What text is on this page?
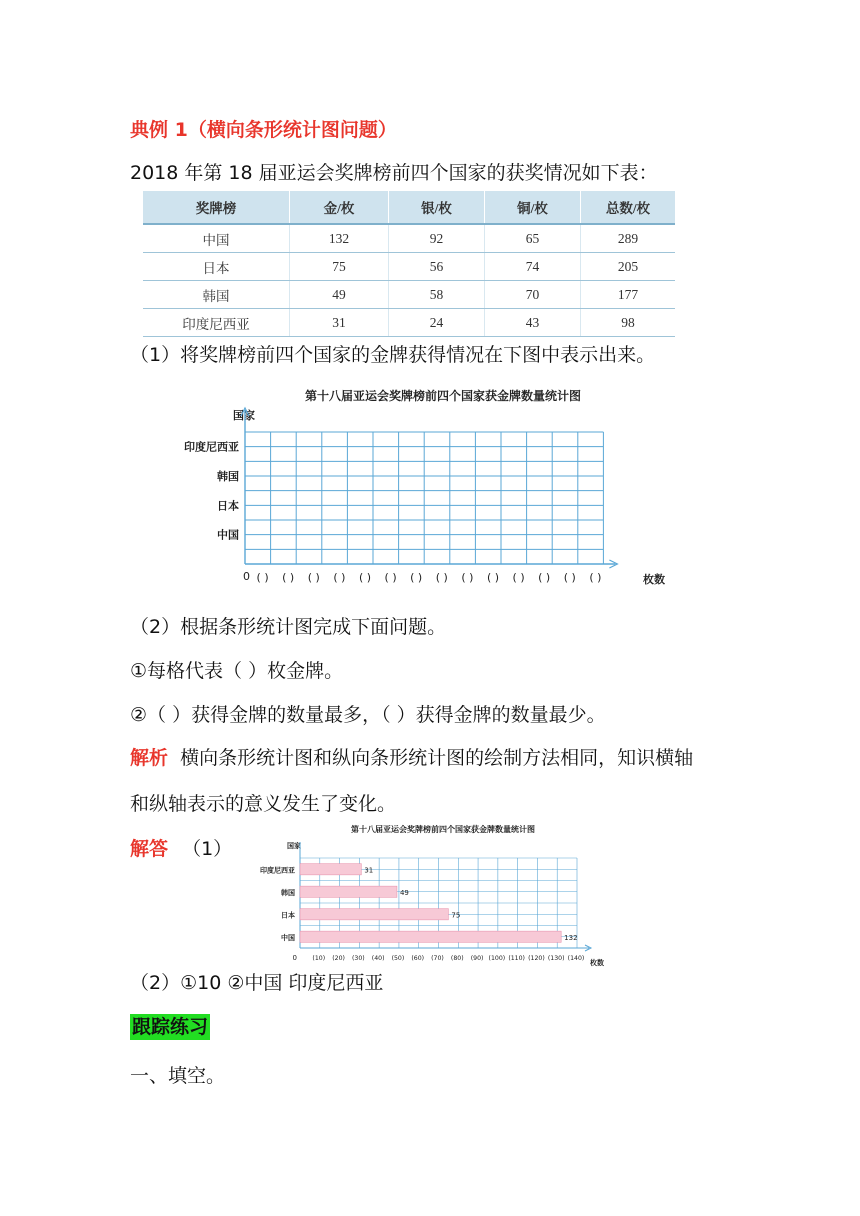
典例 1（横向条形统计图问题）
2018 年第 18 届亚运会奖牌榜前四个国家的获奖情况如下表：
奖牌榜	金/枚	银/枚	铜/枚	总数/枚
中国	132	92	65	289
日本	75	56	74	205
韩国	49	58	70	177
印度尼西亚	31	24	43	98
（1）将奖牌榜前四个国家的金牌获得情况在下图中表示出来。
第十八届亚运会奖牌榜前四个国家获金牌数量统计图
国家
印度尼西亚
韩国
日本
中国
( ) ( ) ( ) ( ) ( ) ( ) ( ) ( ) ( ) ( ) ( ) ( ) ( ) ( )
0	枚数
（2）根据条形统计图完成下面问题。
①每格代表（ ）枚金牌。
②（ ）获得金牌的数量最多，（ ）获得金牌的数量最少。
解析 横向条形统计图和纵向条形统计图的绘制方法相同，知识横轴
和纵轴表示的意义发生了变化。
解答 （1）
第十八届亚运会奖牌榜前四个国家获金牌数量统计图
国家
31
49
75
132
印度尼西亚
韩国
日本
中国
0 (10) (20) (30) (40) (50) (60) (70) (80) (90) (100) (110) (120) (130) (140)
枚数
（2）①10 ②中国 印度尼西亚
跟踪练习
一、填空。
